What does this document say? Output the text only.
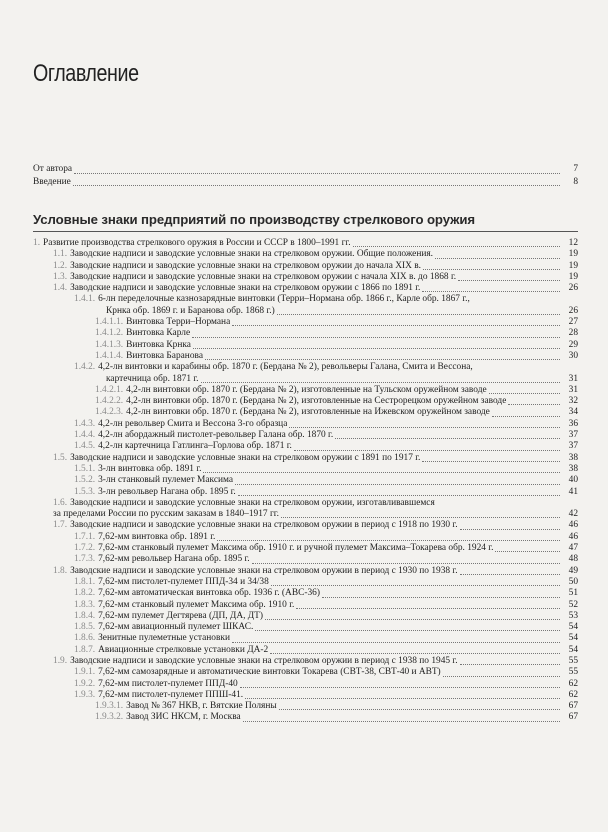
Оглавление
От автора	7
Введение	8
Условные знаки предприятий по производству стрелкового оружия
1. Развитие производства стрелкового оружия в России и СССР в 1800–1991 гг.	12
1.1. Заводские надписи и заводские условные знаки на стрелковом оружии. Общие положения.	19
1.2. Заводские надписи и заводские условные знаки на стрелковом оружии до начала XIX в.	19
1.3. Заводские надписи и заводские условные знаки на стрелковом оружии с начала XIX в. до 1868 г.	19
1.4. Заводские надписи и заводские условные знаки на стрелковом оружии с 1866 по 1891 г.	26
1.4.1. 6-лн переделочные казнозарядные винтовки (Терри–Нормана обр. 1866 г., Карле обр. 1867 г.,
Крнка обр. 1869 г. и Баранова обр. 1868 г.)	26
1.4.1.1. Винтовка Терри–Нормана	27
1.4.1.2. Винтовка Карле	28
1.4.1.3. Винтовка Крнка	29
1.4.1.4. Винтовка Баранова	30
1.4.2. 4,2-лн винтовки и карабины обр. 1870 г. (Бердана № 2), револьверы Галана, Смита и Вессона,
картечница обр. 1871 г.	31
1.4.2.1. 4,2-лн винтовки обр. 1870 г. (Бердана № 2), изготовленные на Тульском оружейном заводе	31
1.4.2.2. 4,2-лн винтовки обр. 1870 г. (Бердана № 2), изготовленные на Сестрорецком оружейном заводе	32
1.4.2.3. 4,2-лн винтовки обр. 1870 г. (Бердана № 2), изготовленные на Ижевском оружейном заводе	34
1.4.3. 4,2-лн револьвер Смита и Вессона 3-го образца	36
1.4.4. 4,2-лн абордажный пистолет-револьвер Галана обр. 1870 г.	37
1.4.5. 4,2-лн картечница Гатлинга–Горлова обр. 1871 г.	37
1.5. Заводские надписи и заводские условные знаки на стрелковом оружии с 1891 по 1917 г.	38
1.5.1. 3-лн винтовка обр. 1891 г.	38
1.5.2. 3-лн станковый пулемет Максима	40
1.5.3. 3-лн револьвер Нагана обр. 1895 г.	41
1.6. Заводские надписи и заводские условные знаки на стрелковом оружии, изготавливавшемся
за пределами России по русским заказам в 1840–1917 гг.	42
1.7. Заводские надписи и заводские условные знаки на стрелковом оружии в период с 1918 по 1930 г.	46
1.7.1. 7,62-мм винтовка обр. 1891 г.	46
1.7.2. 7,62-мм станковый пулемет Максима обр. 1910 г. и ручной пулемет Максима–Токарева обр. 1924 г.	47
1.7.3. 7,62-мм револьвер Нагана обр. 1895 г.	48
1.8. Заводские надписи и заводские условные знаки на стрелковом оружии в период с 1930 по 1938 г.	49
1.8.1. 7,62-мм пистолет-пулемет ППД-34 и 34/38	50
1.8.2. 7,62-мм автоматическая винтовка обр. 1936 г. (АВС-36)	51
1.8.3. 7,62-мм станковый пулемет Максима обр. 1910 г.	52
1.8.4. 7,62-мм пулемет Дегтярева (ДП, ДА, ДТ)	53
1.8.5. 7,62-мм авиационный пулемет ШКАС.	54
1.8.6. Зенитные пулеметные установки	54
1.8.7. Авиационные стрелковые установки ДА-2	54
1.9. Заводские надписи и заводские условные знаки на стрелковом оружии в период с 1938 по 1945 г.	55
1.9.1. 7,62-мм самозарядные и автоматические винтовки Токарева (СВТ-38, СВТ-40 и АВТ)	55
1.9.2. 7,62-мм пистолет-пулемет ППД-40	62
1.9.3. 7,62-мм пистолет-пулемет ППШ-41.	62
1.9.3.1. Завод № 367 НКВ, г. Вятские Поляны	67
1.9.3.2. Завод ЗИС НКСМ, г. Москва	67
